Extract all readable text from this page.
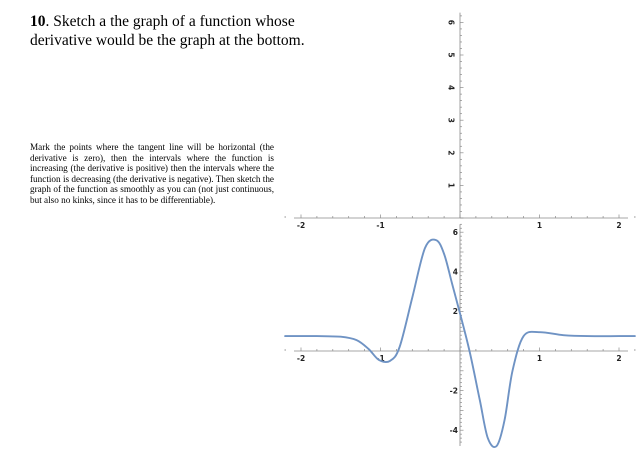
10. Sketch a the graph of a function whose derivative would be the graph at the bottom.
Mark the points where the tangent line will be horizontal (the derivative is zero), then the intervals where the function is increasing (the derivative is positive) then the intervals where the function is decreasing (the derivative is negative). Then sketch the graph of the function as smoothly as you can (not just continuous, but also no kinks, since it has to be differentiable).
-2	-1	1	2
1
2
3
4
5
6
-2	-1	1	2
6
4
2
-2
-4
